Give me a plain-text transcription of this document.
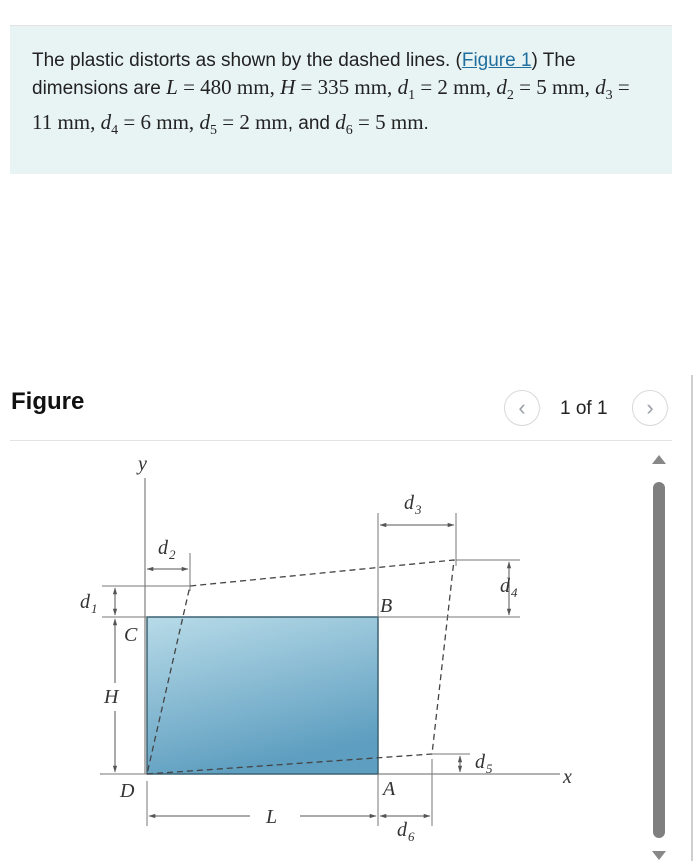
The plastic distorts as shown by the dashed lines. (Figure 1) The dimensions are L = 480 mm, H = 335 mm, $d_1 = 2$ mm, $d_2 = 5$ mm, $d_3 = 11$ mm, $d_4 = 6$ mm, $d_5 = 2$ mm, and $d_6 = 5$ mm.
Figure	‹ 1 of 1 ›
y
x
C
B
D	A
H
L
d 1
d 2
d 3
d 4
d 5
d 6
